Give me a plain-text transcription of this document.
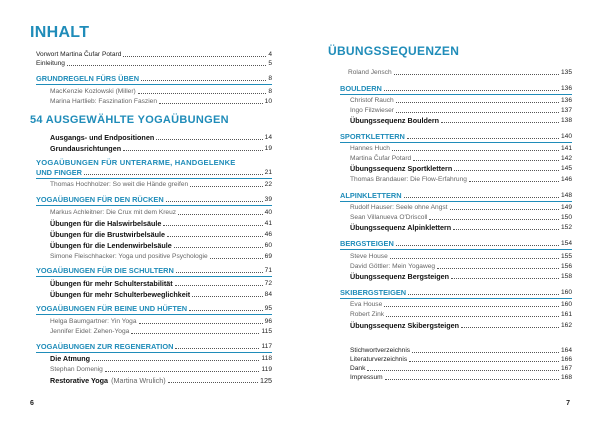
INHALT
Vorwort Martina Čufar Potard	4
Einleitung	5
GRUNDREGELN FÜRS ÜBEN	8
MacKenzie Kozlowski (Miller)	8
Marina Hartlieb: Faszination Faszien	10
54 AUSGEWÄHLTE YOGAÜBUNGEN
Ausgangs- und Endpositionen	14
Grundausrichtungen	19
YOGAÜBUNGEN FÜR UNTERARME, HANDGELENKE
UND FINGER	21
Thomas Hochholzer: So weit die Hände greifen	22
YOGAÜBUNGEN FÜR DEN RÜCKEN	39
Markus Achleitner: Die Crux mit dem Kreuz	40
Übungen für die Halswirbelsäule	41
Übungen für die Brustwirbelsäule	46
Übungen für die Lendenwirbelsäule	60
Simone Fleischhacker: Yoga und positive Psychologie	69
YOGAÜBUNGEN FÜR DIE SCHULTERN	71
Übungen für mehr Schulterstabilität	72
Übungen für mehr Schulterbeweglichkeit	84
YOGAÜBUNGEN FÜR BEINE UND HÜFTEN	95
Helga Baumgartner: Yin Yoga	96
Jennifer Eidel: Zehen-Yoga	115
YOGAÜBUNGEN ZUR REGENERATION	117
Die Atmung	118
Stephan Domenig	119
Restorative Yoga (Martina Wrulich)	125
6
ÜBUNGSSEQUENZEN
Roland Jensch	135
BOULDERN	136
Christof Rauch	136
Ingo Filzwieser	137
Übungssequenz Bouldern	138
SPORTKLETTERN	140
Hannes Huch	141
Martina Čufar Potard	142
Übungssequenz Sportklettern	145
Thomas Brandauer: Die Flow-Erfahrung	146
ALPINKLETTERN	148
Rudolf Hauser: Seele ohne Angst	149
Sean Villanueva O'Driscoll	150
Übungssequenz Alpinklettern	152
BERGSTEIGEN	154
Steve House	155
David Göttler: Mein Yogaweg	156
Übungssequenz Bergsteigen	158
SKIBERGSTEIGEN	160
Eva House	160
Robert Zink	161
Übungssequenz Skibergsteigen	162
Stichwortverzeichnis	164
Literaturverzeichnis	166
Dank	167
Impressum	168
7
